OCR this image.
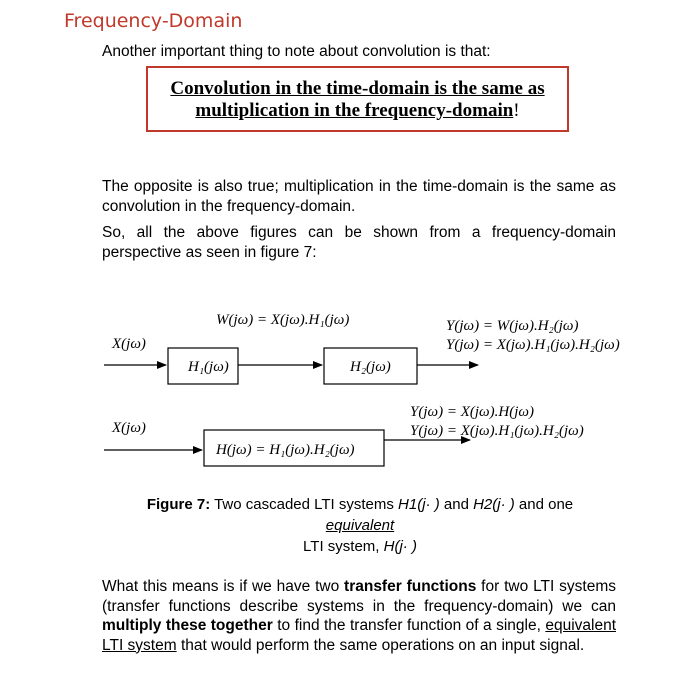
Frequency-Domain
Another important thing to note about convolution is that:
Convolution in the time-domain is the same as
multiplication in the frequency-domain!
The opposite is also true; multiplication in the time-domain is the same as convolution in the frequency-domain.
So, all the above figures can be shown from a frequency-domain perspective as seen in figure 7:
X(jω)
H₁(jω)	H₂(jω)
W(jω) = X(jω).H₁(jω)	Y(jω) = W(jω).H₂(jω)
Y(jω) = X(jω).H₁(jω).H₂(jω)
X(jω)
H(jω) = H₁(jω).H₂(jω)
Y(jω) = X(jω).H(jω)
Y(jω) = X(jω).H₁(jω).H₂(jω)
Figure 7: Two cascaded LTI systems H1(j· ) and H2(j· ) and one
equivalent
LTI system, H(j· )
What this means is if we have two transfer functions for two LTI systems (transfer functions describe systems in the frequency-domain) we can multiply these together to find the transfer function of a single, equivalent LTI system that would perform the same operations on an input signal.
